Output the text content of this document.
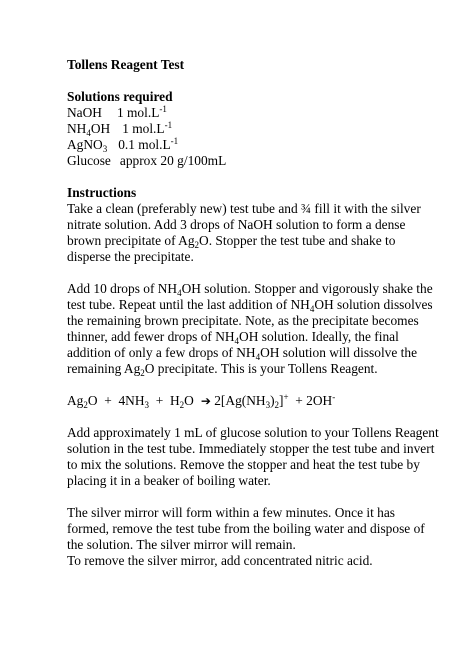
Tollens Reagent Test
Solutions required
NaOH 1 $mol.L^{-1}$
$NH_4OH$ 1 $mol.L^{-1}$
AgNO$_3$ 0.1 $mol.L^{-1}$
Glucose approx 20 g/100mL
Instructions
Take a clean (preferably new) test tube and ¾ fill it with the silver nitrate solution. Add 3 drops of NaOH solution to form a dense brown precipitate of $Ag_2O$. Stopper the test tube and shake to disperse the precipitate.
Add 10 drops of $NH_4OH$ solution. Stopper and vigorously shake the test tube. Repeat until the last addition of $NH_4OH$ solution dissolves the remaining brown precipitate. Note, as the precipitate becomes thinner, add fewer drops of $NH_4OH$ solution. Ideally, the final addition of only a few drops of $NH_4OH$ solution will dissolve the remaining $Ag_2O$ precipitate. This is your Tollens Reagent.
$Ag_2O + 4NH_3 + H_2O$ ➔ $2[Ag(NH_3)_2]^+ + 2OH^-$
Add approximately 1 mL of glucose solution to your Tollens Reagent solution in the test tube. Immediately stopper the test tube and invert to mix the solutions. Remove the stopper and heat the test tube by placing it in a beaker of boiling water.
The silver mirror will form within a few minutes. Once it has formed, remove the test tube from the boiling water and dispose of the solution. The silver mirror will remain.
To remove the silver mirror, add concentrated nitric acid.
